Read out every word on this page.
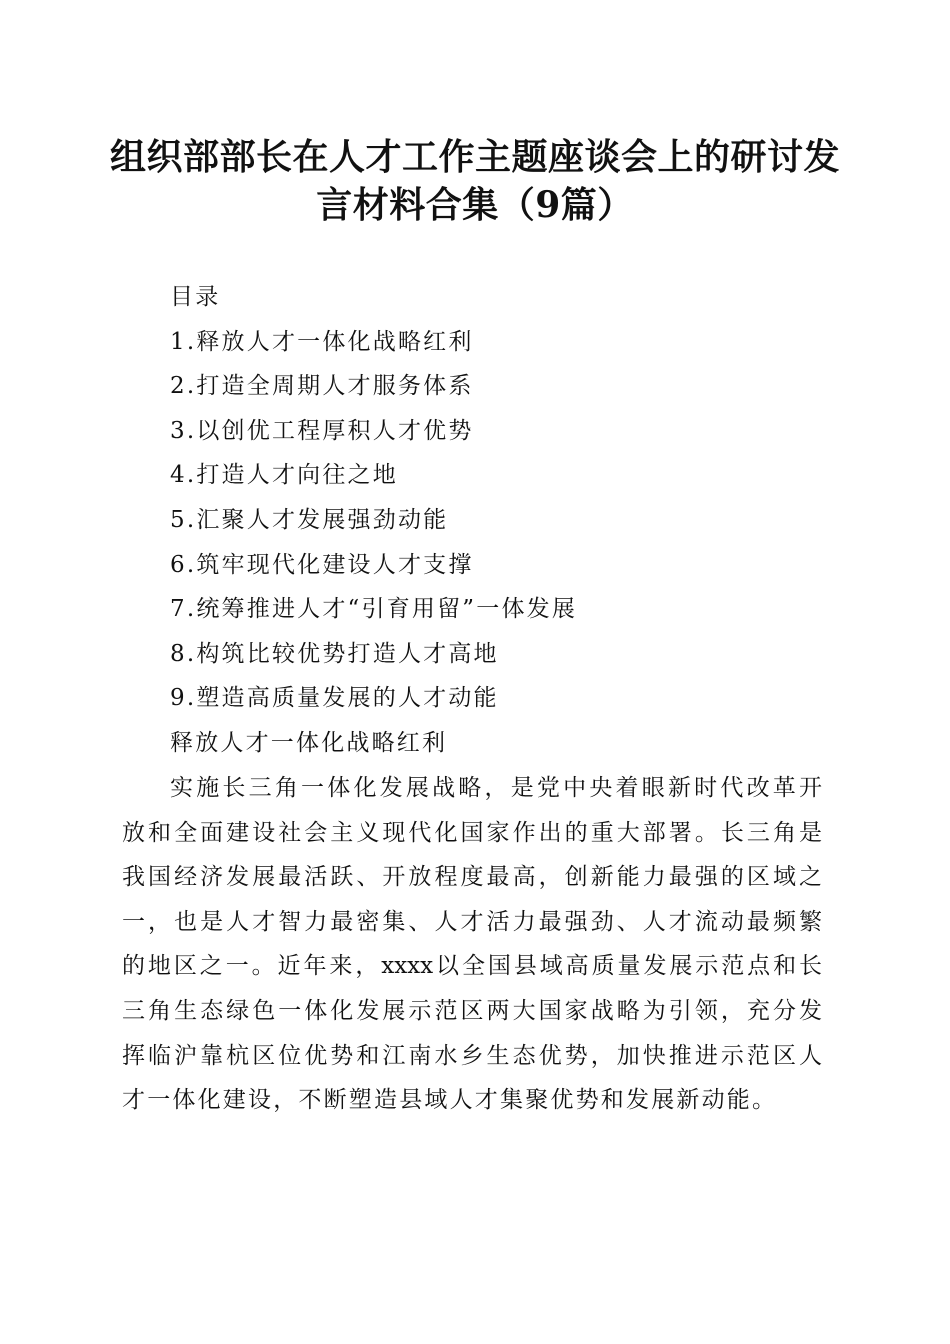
组织部部长在人才工作主题座谈会上的研讨发
言材料合集（9篇）
目录
1.释放人才一体化战略红利
2.打造全周期人才服务体系
3.以创优工程厚积人才优势
4.打造人才向往之地
5.汇聚人才发展强劲动能
6.筑牢现代化建设人才支撑
7.统筹推进人才“引育用留”一体发展
8.构筑比较优势打造人才高地
9.塑造高质量发展的人才动能
释放人才一体化战略红利
实施长三角一体化发展战略，是党中央着眼新时代改革开
放和全面建设社会主义现代化国家作出的重大部署。长三角是
我国经济发展最活跃、开放程度最高，创新能力最强的区域之
一，也是人才智力最密集、人才活力最强劲、人才流动最频繁
的地区之一。近年来，xxxx以全国县域高质量发展示范点和长
三角生态绿色一体化发展示范区两大国家战略为引领，充分发
挥临沪靠杭区位优势和江南水乡生态优势，加快推进示范区人
才一体化建设，不断塑造县域人才集聚优势和发展新动能。
